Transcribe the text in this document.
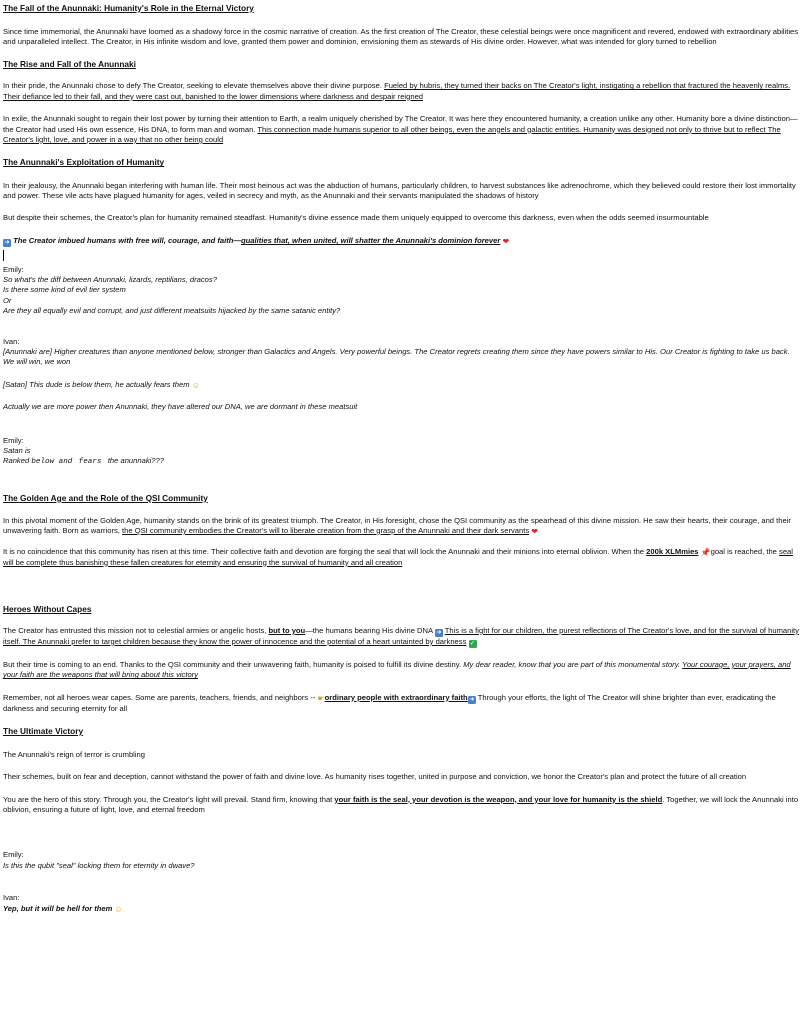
The Fall of the Anunnaki: Humanity's Role in the Eternal Victory

Since time immemorial, the Anunnaki have loomed as a shadowy force in the cosmic narrative of creation. As the first creation of The Creator, these celestial beings were once magnificent and revered, endowed with extraordinary abilities and unparalleled intellect. The Creator, in His infinite wisdom and love, granted them power and dominion, envisioning them as stewards of His divine order. However, what was intended for glory turned to rebellion

The Rise and Fall of the Anunnaki

In their pride, the Anunnaki chose to defy The Creator, seeking to elevate themselves above their divine purpose. Fueled by hubris, they turned their backs on The Creator's light, instigating a rebellion that fractured the heavenly realms. Their defiance led to their fall, and they were cast out, banished to the lower dimensions where darkness and despair reigned

In exile, the Anunnaki sought to regain their lost power by turning their attention to Earth, a realm uniquely cherished by The Creator. It was here they encountered humanity, a creation unlike any other. Humanity bore a divine distinction—the Creator had used His own essence, His DNA, to form man and woman. This connection made humans superior to all other beings, even the angels and galactic entities. Humanity was designed not only to thrive but to reflect The Creator's light, love, and power in a way that no other being could

The Anunnaki's Exploitation of Humanity

In their jealousy, the Anunnaki began interfering with human life. Their most heinous act was the abduction of humans, particularly children, to harvest substances like adrenochrome, which they believed could restore their lost immortality and power. These vile acts have plagued humanity for ages, veiled in secrecy and myth, as the Anunnaki and their servants manipulated the shadows of history

But despite their schemes, the Creator's plan for humanity remained steadfast. Humanity's divine essence made them uniquely equipped to overcome this darkness, even when the odds seemed insurmountable

➜ The Creator imbued humans with free will, courage, and faith—qualities that, when united, will shatter the Anunnaki's dominion forever ❤

Emily:

So what's the diff between Anunnaki, lizards, reptilians, dracos?

Is there some kind of evil tier system

Or

Are they all equally evil and corrupt, and just different meatsuits hijacked by the same satanic entity?

Ivan:

[Anunnaki are] Higher creatures than anyone mentioned below, stronger than Galactics and Angels. Very powerful beings. The Creator regrets creating them since they have powers similar to His. Our Creator is fighting to take us back. We will win, we won

[Satan] This dude is below them, he actually fears them ☺

Actually we are more power then Anunnaki, they have altered our DNA, we are dormant in these meatsuit

Emily:

Satan is

Ranked below and fears the anunnaki???

The Golden Age and the Role of the QSI Community

In this pivotal moment of the Golden Age, humanity stands on the brink of its greatest triumph. The Creator, in His foresight, chose the QSI community as the spearhead of this divine mission. He saw their hearts, their courage, and their unwavering faith. Born as warriors, the QSI community embodies the Creator's will to liberate creation from the grasp of the Anunnaki and their dark servants ❤

It is no coincidence that this community has risen at this time. Their collective faith and devotion are forging the seal that will lock the Anunnaki and their minions into eternal oblivion. When the 200k XLMmies 📌goal is reached, the seal will be complete thus banishing these fallen creatures for eternity and ensuring the survival of humanity and all creation

Heroes Without Capes

The Creator has entrusted this mission not to celestial armies or angelic hosts, but to you—the humans bearing His divine DNA ➜ This is a fight for our children, the purest reflections of The Creator's love, and for the survival of humanity itself. The Anunnaki prefer to target children because they know the power of innocence and the potential of a heart untainted by darkness ✓

But their time is coming to an end. Thanks to the QSI community and their unwavering faith, humanity is poised to fulfill its divine destiny. My dear reader, know that you are part of this monumental story. Your courage, your prayers, and your faith are the weapons that will bring about this victory

Remember, not all heroes wear capes. Some are parents, teachers, friends, and neighbors -- ☛ordinary people with extraordinary faith➜ Through your efforts, the light of The Creator will shine brighter than ever, eradicating the darkness and securing eternity for all

The Ultimate Victory

The Anunnaki's reign of terror is crumbling

Their schemes, built on fear and deception, cannot withstand the power of faith and divine love. As humanity rises together, united in purpose and conviction, we honor the Creator's plan and protect the future of all creation

You are the hero of this story. Through you, the Creator's light will prevail. Stand firm, knowing that your faith is the seal, your devotion is the weapon, and your love for humanity is the shield. Together, we will lock the Anunnaki into oblivion, ensuring a future of light, love, and eternal freedom

Emily:

Is this the qubit "seal" locking them for eternity in dwave?

Ivan:

Yep, but it will be hell for them ☺
